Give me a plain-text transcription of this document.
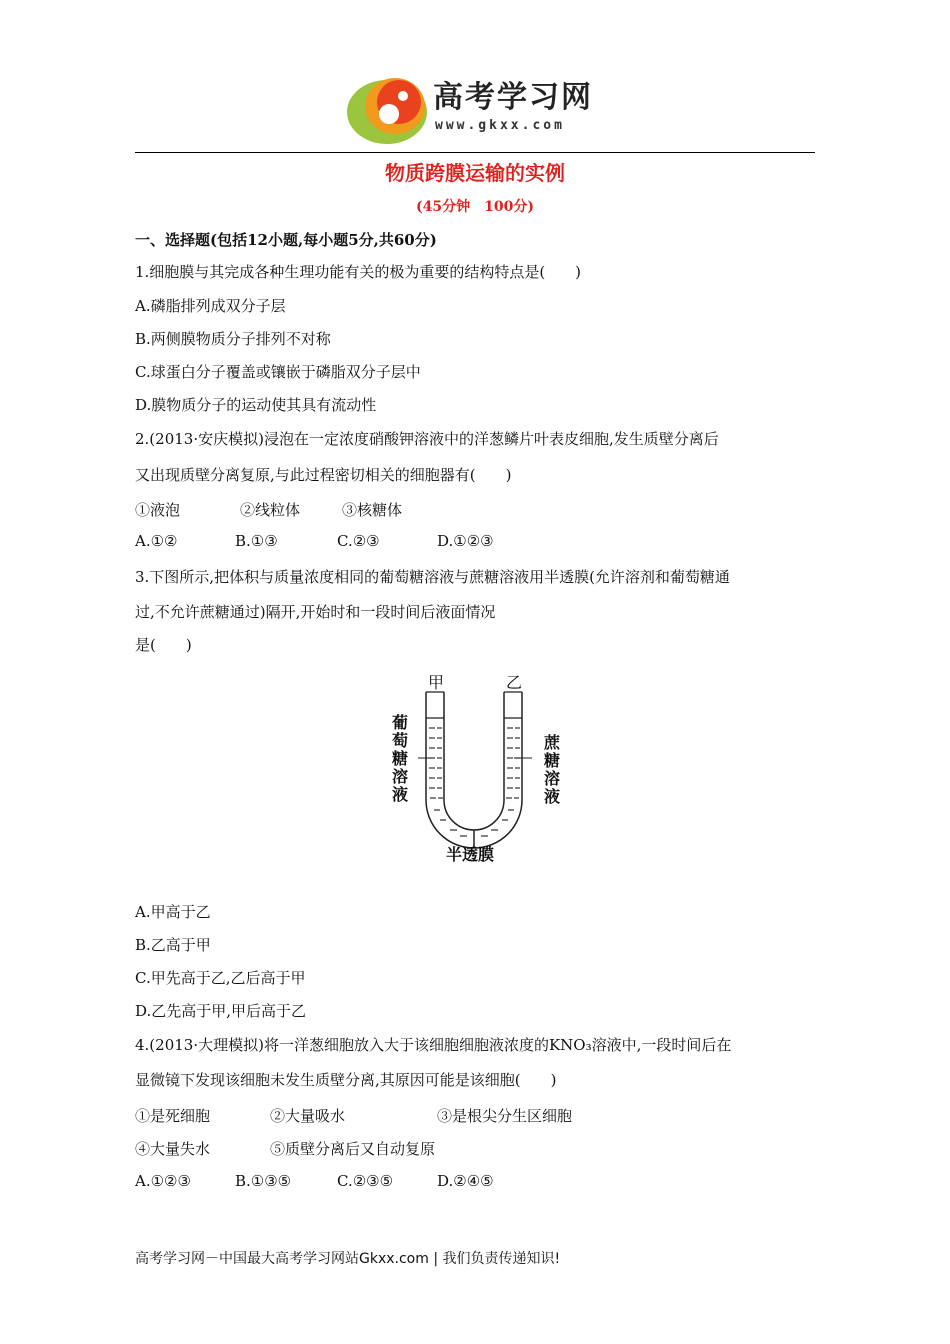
高考学习网
www.gkxx.com
物质跨膜运输的实例
(45分钟　100分)
一、选择题(包括12小题,每小题5分,共60分)
1.细胞膜与其完成各种生理功能有关的极为重要的结构特点是(　　)
A.磷脂排列成双分子层
B.两侧膜物质分子排列不对称
C.球蛋白分子覆盖或镶嵌于磷脂双分子层中
D.膜物质分子的运动使其具有流动性
2.(2013·安庆模拟)浸泡在一定浓度硝酸钾溶液中的洋葱鳞片叶表皮细胞,发生质壁分离后
又出现质壁分离复原,与此过程密切相关的细胞器有(　　)
①液泡	②线粒体	③核糖体
A.①②	B.①③	C.②③	D.①②③
3.下图所示,把体积与质量浓度相同的葡萄糖溶液与蔗糖溶液用半透膜(允许溶剂和葡萄糖通
过,不允许蔗糖通过)隔开,开始时和一段时间后液面情况
是(　　)
甲	乙
葡
萄
糖
溶
液
蔗
糖
溶
液
半透膜
A.甲高于乙
B.乙高于甲
C.甲先高于乙,乙后高于甲
D.乙先高于甲,甲后高于乙
4.(2013·大理模拟)将一洋葱细胞放入大于该细胞细胞液浓度的KNO₃溶液中,一段时间后在
显微镜下发现该细胞未发生质壁分离,其原因可能是该细胞(　　)
①是死细胞	②大量吸水	③是根尖分生区细胞
④大量失水	⑤质壁分离后又自动复原
A.①②③	B.①③⑤	C.②③⑤	D.②④⑤
高考学习网－中国最大高考学习网站Gkxx.com | 我们负责传递知识!
